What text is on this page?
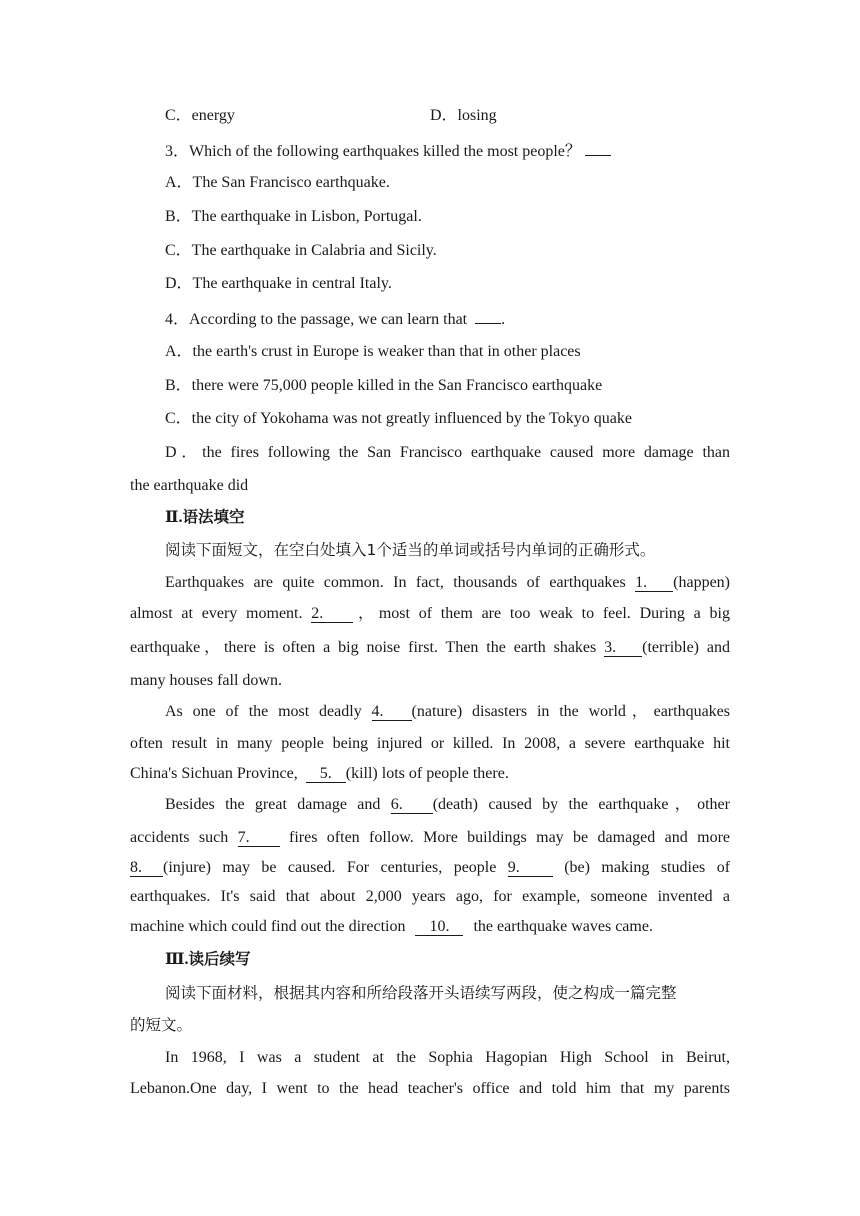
C．energy	D．losing
3．Which of the following earthquakes killed the most people？
A．The San Francisco earthquake.
B．The earthquake in Lisbon, Portugal.
C．The earthquake in Calabria and Sicily.
D．The earthquake in central Italy.
4．According to the passage, we can learn that .
A．the earth's crust in Europe is weaker than that in other places
B．there were 75,000 people killed in the San Francisco earthquake
C．the city of Yokohama was not greatly influenced by the Tokyo quake
D．the fires following the San Francisco earthquake caused more damage than
the earthquake did
Ⅱ.语法填空
阅读下面短文，在空白处填入1个适当的单词或括号内单词的正确形式。
Earthquakes are quite common. In fact, thousands of earthquakes 1. (happen)
almost at every moment. 2. ，most of them are too weak to feel. During a big
earthquake，there is often a big noise first. Then the earth shakes 3. (terrible) and
many houses fall down.
As one of the most deadly 4. (nature) disasters in the world，earthquakes
often result in many people being injured or killed. In 2008, a severe earthquake hit
China's Sichuan Province, 5. (kill) lots of people there.
Besides the great damage and 6. (death) caused by the earthquake，other
accidents such 7. fires often follow. More buildings may be damaged and more
8. (injure) may be caused. For centuries, people 9.	(be) making studies of
earthquakes. It's said that about 2,000 years ago, for example, someone invented a
machine which could find out the direction 10. the earthquake waves came.
Ⅲ.读后续写
阅读下面材料，根据其内容和所给段落开头语续写两段，使之构成一篇完整
的短文。
In 1968, I was a student at the Sophia Hagopian High School in Beirut,
Lebanon.One day, I went to the head teacher's office and told him that my parents
